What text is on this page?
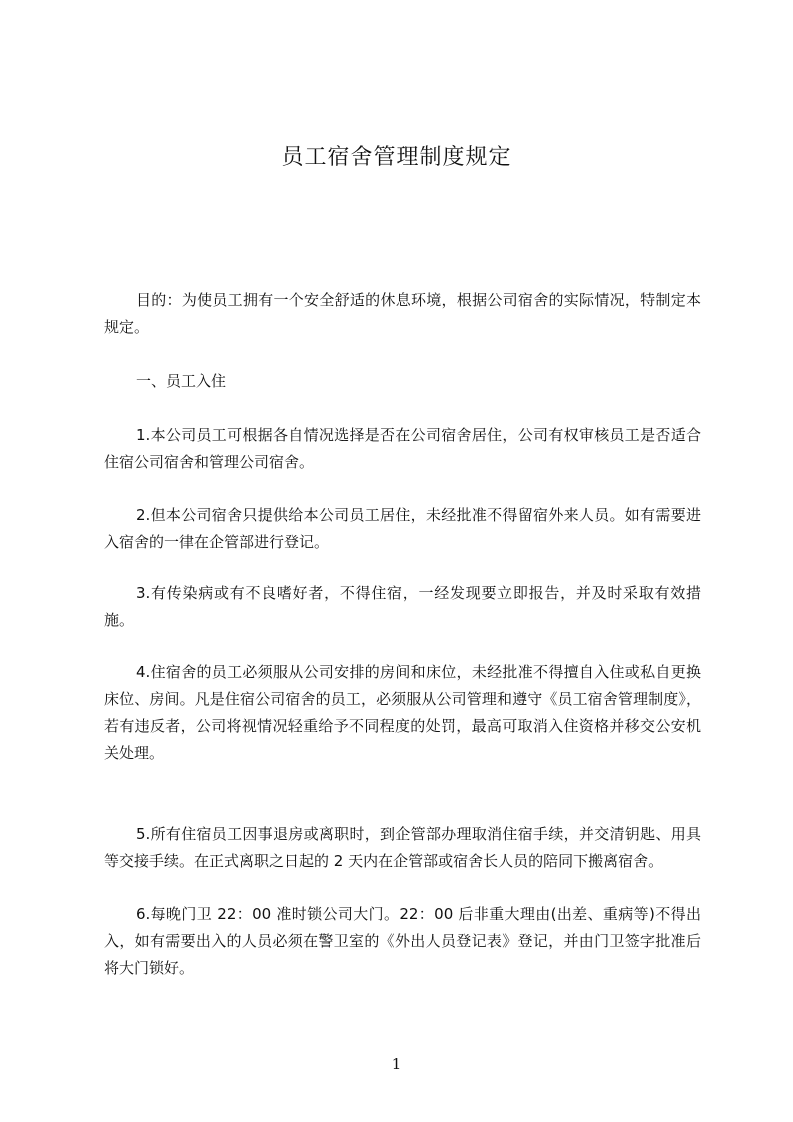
员工宿舍管理制度规定

目的：为使员工拥有一个安全舒适的休息环境，根据公司宿舍的实际情况，特制定本规定。

一、员工入住

1.本公司员工可根据各自情况选择是否在公司宿舍居住，公司有权审核员工是否适合住宿公司宿舍和管理公司宿舍。

2.但本公司宿舍只提供给本公司员工居住，未经批准不得留宿外来人员。如有需要进入宿舍的一律在企管部进行登记。

3.有传染病或有不良嗜好者，不得住宿，一经发现要立即报告，并及时采取有效措施。

4.住宿舍的员工必须服从公司安排的房间和床位，未经批准不得擅自入住或私自更换床位、房间。凡是住宿公司宿舍的员工，必须服从公司管理和遵守《员工宿舍管理制度》，若有违反者，公司将视情况轻重给予不同程度的处罚，最高可取消入住资格并移交公安机关处理。

5.所有住宿员工因事退房或离职时，到企管部办理取消住宿手续，并交清钥匙、用具等交接手续。在正式离职之日起的 2 天内在企管部或宿舍长人员的陪同下搬离宿舍。

6.每晚门卫 22：00 准时锁公司大门。22：00 后非重大理由(出差、重病等)不得出入，如有需要出入的人员必须在警卫室的《外出人员登记表》登记，并由门卫签字批准后将大门锁好。

1
